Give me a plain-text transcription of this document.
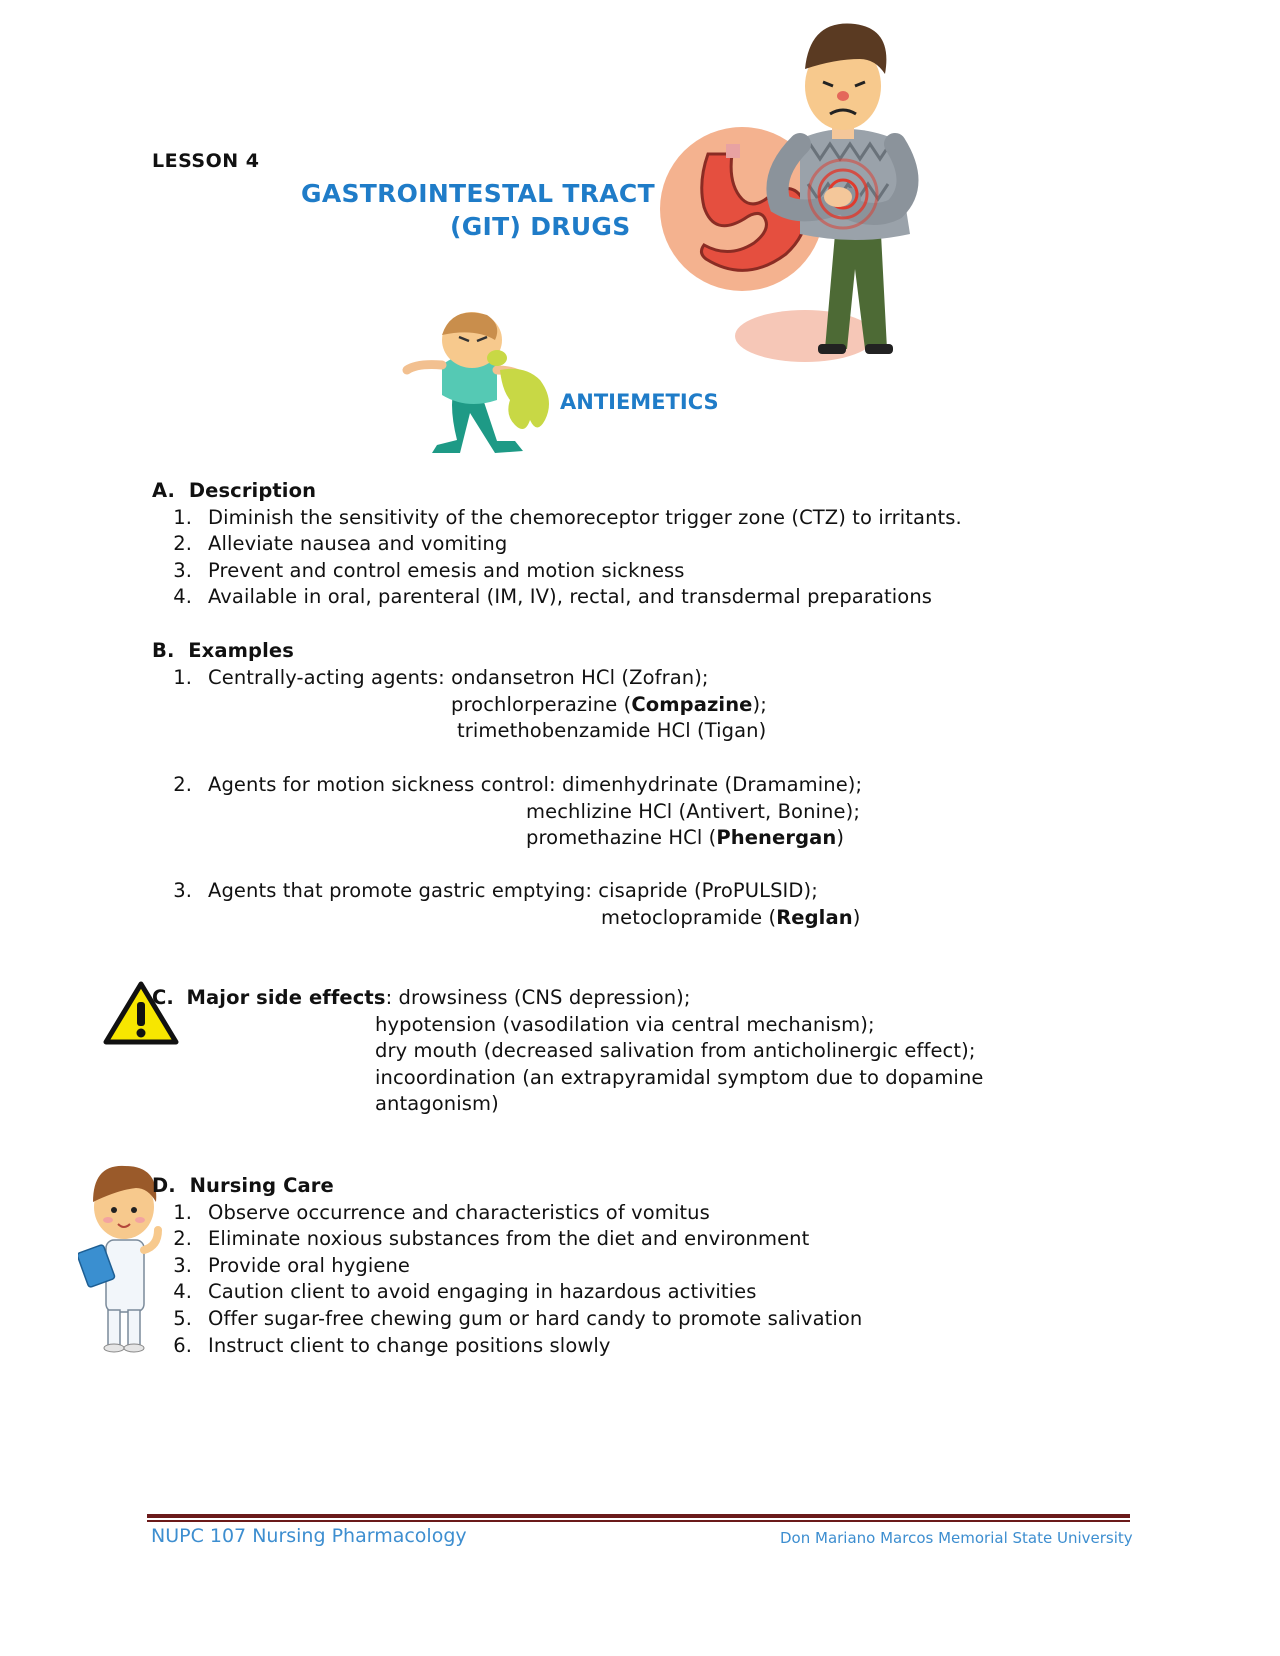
LESSON 4
GASTROINTESTAL TRACT
(GIT) DRUGS
ANTIEMETICS
A. Description
1. Diminish the sensitivity of the chemoreceptor trigger zone (CTZ) to irritants.
2. Alleviate nausea and vomiting
3. Prevent and control emesis and motion sickness
4. Available in oral, parenteral (IM, IV), rectal, and transdermal preparations
B. Examples
1. Centrally-acting agents: ondansetron HCl (Zofran);
prochlorperazine (Compazine);
trimethobenzamide HCl (Tigan)
2. Agents for motion sickness control: dimenhydrinate (Dramamine);
mechlizine HCl (Antivert, Bonine);
promethazine HCl (Phenergan)
3. Agents that promote gastric emptying: cisapride (ProPULSID);
metoclopramide (Reglan)
C. Major side effects: drowsiness (CNS depression);
hypotension (vasodilation via central mechanism);
dry mouth (decreased salivation from anticholinergic effect);
incoordination (an extrapyramidal symptom due to dopamine
antagonism)
D. Nursing Care
1. Observe occurrence and characteristics of vomitus
2. Eliminate noxious substances from the diet and environment
3. Provide oral hygiene
4. Caution client to avoid engaging in hazardous activities
5. Offer sugar-free chewing gum or hard candy to promote salivation
6. Instruct client to change positions slowly
NUPC 107 Nursing Pharmacology	Don Mariano Marcos Memorial State University
